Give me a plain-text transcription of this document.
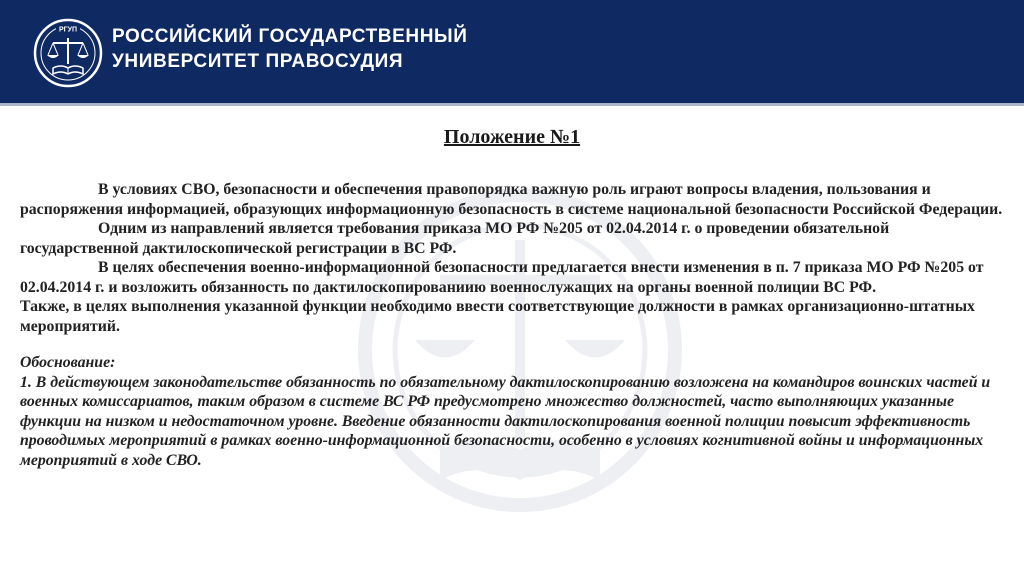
РГУП РОССИЙСКИЙ ГОСУДАРСТВЕННЫЙ
УНИВЕРСИТЕТ ПРАВОСУДИЯ
Положение №1

В условиях СВО, безопасности и обеспечения правопорядка важную роль играют вопросы владения, пользования и распоряжения информацией, образующих информационную безопасность в системе национальной безопасности Российской Федерации.

Одним из направлений является требования приказа МО РФ №205 от 02.04.2014 г. о проведении обязательной государственной дактилоскопической регистрации в ВС РФ.

В целях обеспечения военно-информационной безопасности предлагается внести изменения в п. 7 приказа МО РФ №205 от 02.04.2014 г. и возложить обязанность по дактилоскопированиию военнослужащих на органы военной полиции ВС РФ.

Также, в целях выполнения указанной функции необходимо ввести соответствующие должности в рамках организационно-штатных мероприятий.

Обоснование:

1. В действующем законодательстве обязанность по обязательному дактилоскопированию возложена на командиров воинских частей и военных комиссариатов, таким образом в системе ВС РФ предусмотрено множество должностей, часто выполняющих указанные функции на низком и недостаточном уровне. Введение обязанности дактилоскопирования военной полиции повысит эффективность проводимых мероприятий в рамках военно-информационной безопасности, особенно в условиях когнитивной войны и информационных мероприятий в ходе СВО.
